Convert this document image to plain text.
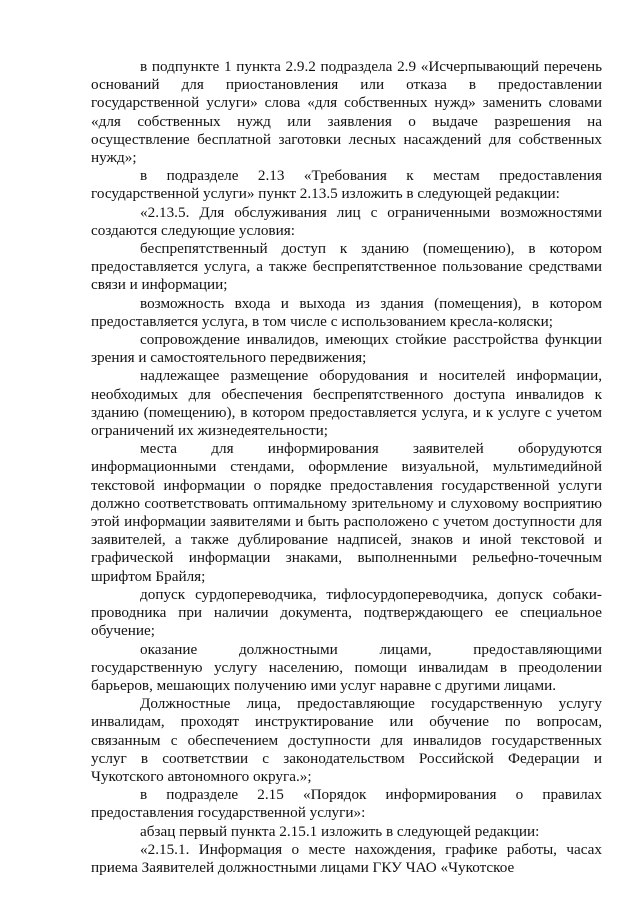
в подпункте 1 пункта 2.9.2 подраздела 2.9 «Исчерпывающий перечень оснований для приостановления или отказа в предоставлении государственной услуги» слова «для собственных нужд» заменить словами «для собственных нужд или заявления о выдаче разрешения на осуществление бесплатной заготовки лесных насаждений для собственных нужд»;

в подразделе 2.13 «Требования к местам предоставления государственной услуги» пункт 2.13.5 изложить в следующей редакции:

«2.13.5. Для обслуживания лиц с ограниченными возможностями создаются следующие условия:

беспрепятственный доступ к зданию (помещению), в котором предоставляется услуга, а также беспрепятственное пользование средствами связи и информации;

возможность входа и выхода из здания (помещения), в котором предоставляется услуга, в том числе с использованием кресла-коляски;

сопровождение инвалидов, имеющих стойкие расстройства функции зрения и самостоятельного передвижения;

надлежащее размещение оборудования и носителей информации, необходимых для обеспечения беспрепятственного доступа инвалидов к зданию (помещению), в котором предоставляется услуга, и к услуге с учетом ограничений их жизнедеятельности;

места для информирования заявителей оборудуются информационными стендами, оформление визуальной, мультимедийной текстовой информации о порядке предоставления государственной услуги должно соответствовать оптимальному зрительному и слуховому восприятию этой информации заявителями и быть расположено с учетом доступности для заявителей, а также дублирование надписей, знаков и иной текстовой и графической информации знаками, выполненными рельефно-точечным шрифтом Брайля;

допуск сурдопереводчика, тифлосурдопереводчика, допуск собаки-проводника при наличии документа, подтверждающего ее специальное обучение;

оказание должностными лицами, предоставляющими государственную услугу населению, помощи инвалидам в преодолении барьеров, мешающих получению ими услуг наравне с другими лицами.

Должностные лица, предоставляющие государственную услугу инвалидам, проходят инструктирование или обучение по вопросам, связанным с обеспечением доступности для инвалидов государственных услуг в соответствии с законодательством Российской Федерации и Чукотского автономного округа.»;

в подразделе 2.15 «Порядок информирования о правилах предоставления государственной услуги»:

абзац первый пункта 2.15.1 изложить в следующей редакции:

«2.15.1. Информация о месте нахождения, графике работы, часах приема Заявителей должностными лицами ГКУ ЧАО «Чукотское
